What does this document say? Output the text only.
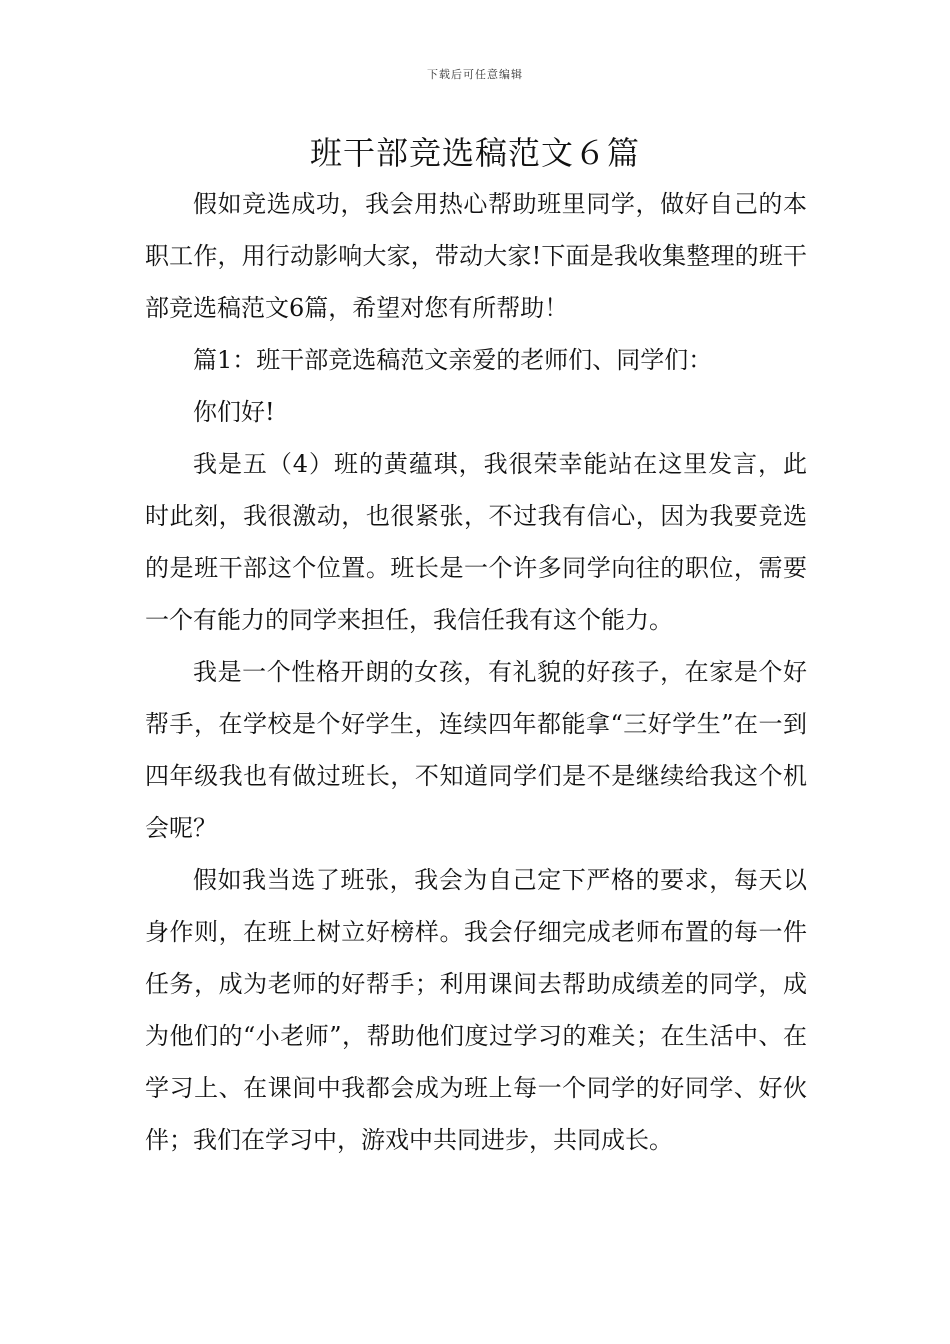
下载后可任意编辑
班干部竞选稿范文６篇

假如竞选成功，我会用热心帮助班里同学，做好自己的本职工作，用行动影响大家，带动大家!下面是我收集整理的班干部竞选稿范文6篇，希望对您有所帮助！

篇1：班干部竞选稿范文亲爱的老师们、同学们：

你们好!

我是五（4）班的黄蕴琪，我很荣幸能站在这里发言，此时此刻，我很激动，也很紧张，不过我有信心，因为我要竞选的是班干部这个位置。班长是一个许多同学向往的职位，需要一个有能力的同学来担任，我信任我有这个能力。

我是一个性格开朗的女孩，有礼貌的好孩子，在家是个好帮手，在学校是个好学生，连续四年都能拿“三好学生”在一到四年级我也有做过班长，不知道同学们是不是继续给我这个机会呢？

假如我当选了班张，我会为自己定下严格的要求，每天以身作则，在班上树立好榜样。我会仔细完成老师布置的每一件任务，成为老师的好帮手；利用课间去帮助成绩差的同学，成为他们的“小老师”，帮助他们度过学习的难关；在生活中、在学习上、在课间中我都会成为班上每一个同学的好同学、好伙伴；我们在学习中，游戏中共同进步，共同成长。
